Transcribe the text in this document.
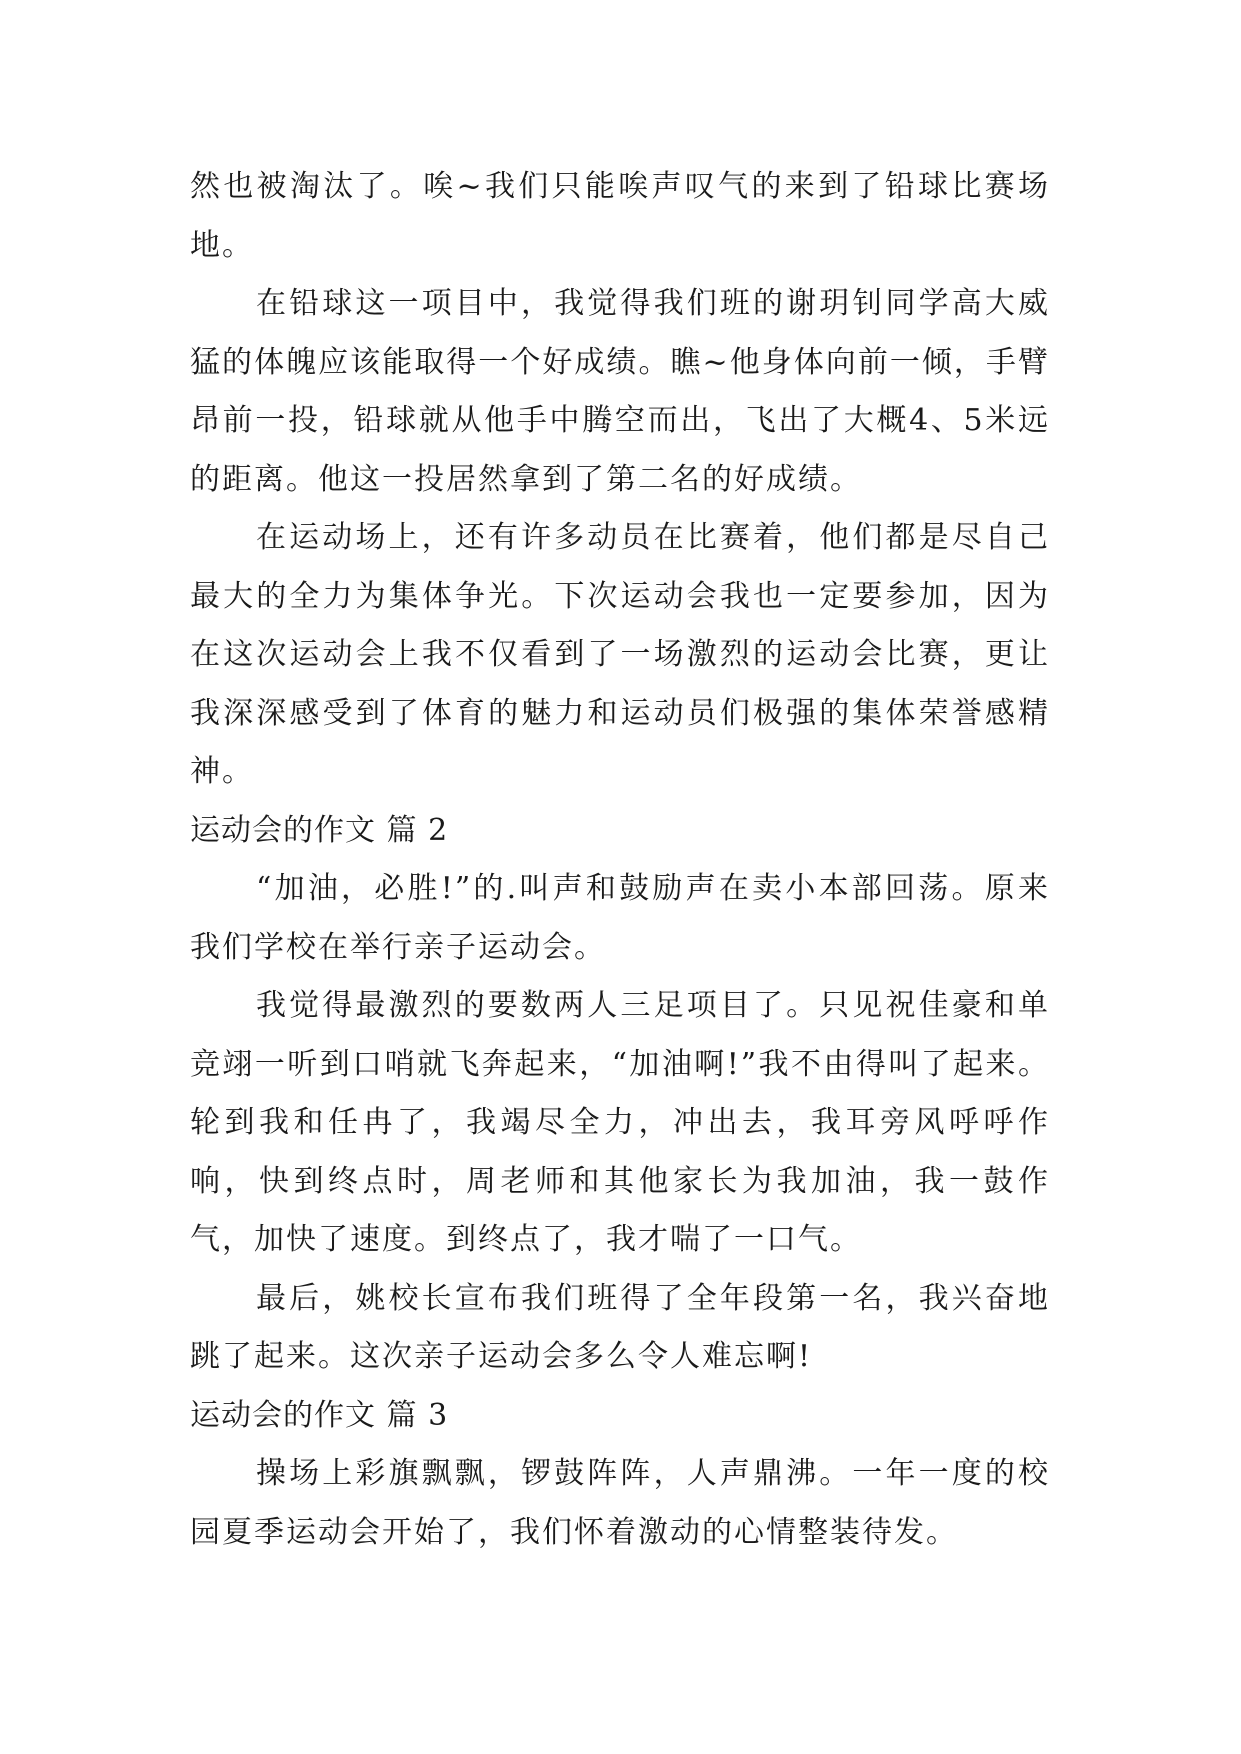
然也被淘汰了。唉~我们只能唉声叹气的来到了铅球比赛场地。

在铅球这一项目中，我觉得我们班的谢玥钊同学高大威猛的体魄应该能取得一个好成绩。瞧~他身体向前一倾，手臂昂前一投，铅球就从他手中腾空而出，飞出了大概4、5米远的距离。他这一投居然拿到了第二名的好成绩。

在运动场上，还有许多动员在比赛着，他们都是尽自己最大的全力为集体争光。下次运动会我也一定要参加，因为在这次运动会上我不仅看到了一场激烈的运动会比赛，更让我深深感受到了体育的魅力和运动员们极强的集体荣誉感精神。

运动会的作文 篇 2

“加油，必胜!”的.叫声和鼓励声在卖小本部回荡。原来我们学校在举行亲子运动会。

我觉得最激烈的要数两人三足项目了。只见祝佳豪和单竞翊一听到口哨就飞奔起来，“加油啊!”我不由得叫了起来。轮到我和任冉了，我竭尽全力，冲出去，我耳旁风呼呼作响，快到终点时，周老师和其他家长为我加油，我一鼓作气，加快了速度。到终点了，我才喘了一口气。

最后，姚校长宣布我们班得了全年段第一名，我兴奋地跳了起来。这次亲子运动会多么令人难忘啊!

运动会的作文 篇 3

操场上彩旗飘飘，锣鼓阵阵，人声鼎沸。一年一度的校园夏季运动会开始了，我们怀着激动的心情整装待发。
